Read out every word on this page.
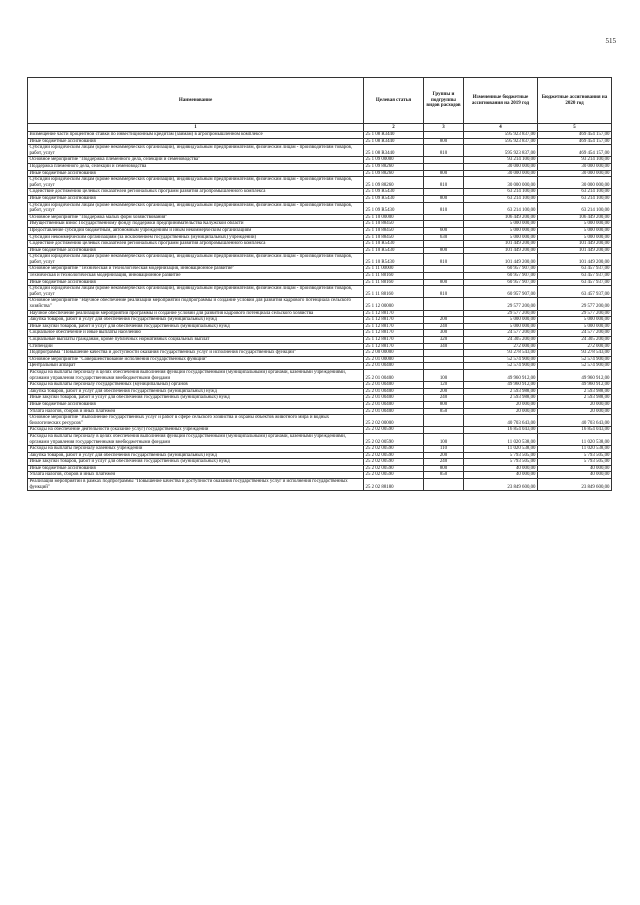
515
Наименование	Целевая статья	Группы и подгруппы видов расходов	Измененные бюджетные ассигнования на 2019 год	Бюджетные ассигнования на 2020 год
1	2	3	4	5
Возмещение части процентной ставки по инвестиционным кредитам (займам) в агропромышленном комплексе	25 1 08 R3440		595 923 837,00	469 454 157,00
Иные бюджетные ассигнования	25 1 08 R3440	800	595 923 837,00	469 454 157,00
Субсидии юридическим лицам (кроме некоммерческих организаций), индивидуальным предпринимателям, физическим лицам - производителям товаров, работ, услуг	25 1 08 R3440	810	595 923 837,00	469 454 157,00
Основное мероприятие "Поддержка племенного дела, селекции и семеноводства"	25 1 09 00000		93 214 100,00	93 214 100,00
Поддержка племенного дела, селекции и семеноводства	25 1 09 88260		30 000 000,00	30 000 000,00
Иные бюджетные ассигнования	25 1 09 88260	800	30 000 000,00	30 000 000,00
Субсидии юридическим лицам (кроме некоммерческих организаций), индивидуальным предпринимателям, физическим лицам - производителям товаров, работ, услуг	25 1 09 88260	810	30 000 000,00	30 000 000,00
Содействие достижению целевых показателей региональных программ развития агропромышленного комплекса	25 1 09 R5430		63 214 100,00	63 214 100,00
Иные бюджетные ассигнования	25 1 09 R5430	800	63 214 100,00	63 214 100,00
Субсидии юридическим лицам (кроме некоммерческих организаций), индивидуальным предпринимателям, физическим лицам - производителям товаров, работ, услуг	25 1 09 R5430	810	63 214 100,00	63 214 100,00
Основное мероприятие "Поддержка малых форм хозяйствования"	25 1 10 00000		106 449 200,00	106 449 200,00
Имущественный взнос Государственному фонду поддержки предпринимательства Калужской области	25 1 10 88450		5 000 000,00	5 000 000,00
Предоставление субсидий бюджетным, автономным учреждениям и иным некоммерческим организациям	25 1 10 88450	600	5 000 000,00	5 000 000,00
Субсидии некоммерческим организациям (за исключением государственных (муниципальных) учреждений)	25 1 10 88450	630	5 000 000,00	5 000 000,00
Содействие достижению целевых показателей региональных программ развития агропромышленного комплекса	25 1 10 R5430		101 449 200,00	101 449 200,00
Иные бюджетные ассигнования	25 1 10 R5430	800	101 449 200,00	101 449 200,00
Субсидии юридическим лицам (кроме некоммерческих организаций), индивидуальным предпринимателям, физическим лицам - производителям товаров, работ, услуг	25 1 10 R5430	810	101 449 200,00	101 449 200,00
Основное мероприятие "Техническая и технологическая модернизация, инновационное развитие"	25 1 11 00000		60 957 907,00	63 457 937,00
Техническая и технологическая модернизация, инновационное развитие	25 1 11 88160		60 957 907,00	63 457 937,00
Иные бюджетные ассигнования	25 1 11 88160	800	60 957 907,00	63 457 937,00
Субсидии юридическим лицам (кроме некоммерческих организаций), индивидуальным предпринимателям, физическим лицам - производителям товаров, работ, услуг	25 1 11 88160	810	60 957 907,00	63 457 937,00
Основное мероприятие "Научное обеспечение реализации мероприятий подпрограммы и создание условий для развития кадрового потенциала сельского хозяйства"	25 1 12 00000		29 577 200,00	29 577 200,00
Научное обеспечение реализации мероприятий программы и создание условий для развития кадрового потенциала сельского хозяйства	25 1 12 88170		29 577 200,00	29 577 200,00
Закупка товаров, работ и услуг для обеспечения государственных (муниципальных) нужд	25 1 12 88170	200	5 000 000,00	5 000 000,00
Иные закупки товаров, работ и услуг для обеспечения государственных (муниципальных) нужд	25 1 12 88170	240	5 000 000,00	5 000 000,00
Социальное обеспечение и иные выплаты населению	25 1 12 88170	300	24 577 200,00	24 577 200,00
Социальные выплаты гражданам, кроме публичных нормативных социальных выплат	25 1 12 88170	320	24 305 200,00	24 305 200,00
Стипендии	25 1 12 88170	340	272 000,00	272 000,00
Подпрограмма "Повышение качества и доступности оказания государственных услуг и исполнения государственных функций"	25 2 00 00000		93 278 543,00	93 278 543,00
Основное мероприятие "Совершенствование исполнения государственных функций"	25 2 01 00000		52 574 900,00	52 574 900,00
Центральный аппарат	25 2 01 00400		52 574 900,00	52 574 900,00
Расходы на выплаты персоналу в целях обеспечения выполнения функций государственными (муниципальными) органами, казенными учреждениями, органами управления государственными внебюджетными фондами	25 2 01 00400	100	49 960 912,00	49 960 912,00
Расходы на выплаты персоналу государственных (муниципальных) органов	25 2 01 00400	120	49 960 912,00	49 960 912,00
Закупка товаров, работ и услуг для обеспечения государственных (муниципальных) нужд	25 2 01 00400	200	2 593 988,00	2 593 988,00
Иные закупки товаров, работ и услуг для обеспечения государственных (муниципальных) нужд	25 2 01 00400	240	2 593 988,00	2 593 988,00
Иные бюджетные ассигнования	25 2 01 00400	800	20 000,00	20 000,00
Уплата налогов, сборов и иных платежей	25 2 01 00400	850	20 000,00	20 000,00
Основное мероприятие "Выполнение государственных услуг и работ в сфере сельского хозяйства и охраны объектов животного мира и водных биологических ресурсов"	25 2 02 00000		40 703 643,00	40 703 643,00
Расходы на обеспечение деятельности (оказание услуг) государственных учреждений	25 2 02 00590		16 854 043,00	16 854 043,00
Расходы на выплаты персоналу в целях обеспечения выполнения функций государственными (муниципальными) органами, казенными учреждениями, органами управления государственными внебюджетными фондами	25 2 02 00590	100	11 020 538,00	11 020 538,00
Расходы на выплаты персоналу казенных учреждений	25 2 02 00590	110	11 020 538,00	11 020 538,00
Закупка товаров, работ и услуг для обеспечения государственных (муниципальных) нужд	25 2 02 00590	200	5 793 505,00	5 793 505,00
Иные закупки товаров, работ и услуг для обеспечения государственных (муниципальных) нужд	25 2 02 00590	240	5 793 505,00	5 793 505,00
Иные бюджетные ассигнования	25 2 02 00590	800	40 000,00	40 000,00
Уплата налогов, сборов и иных платежей	25 2 02 00590	850	40 000,00	40 000,00
Реализация мероприятий в рамках подпрограммы "Повышение качества и доступности оказания государственных услуг и исполнения государственных функций"	25 2 02 88180		23 849 600,00	23 849 600,00
